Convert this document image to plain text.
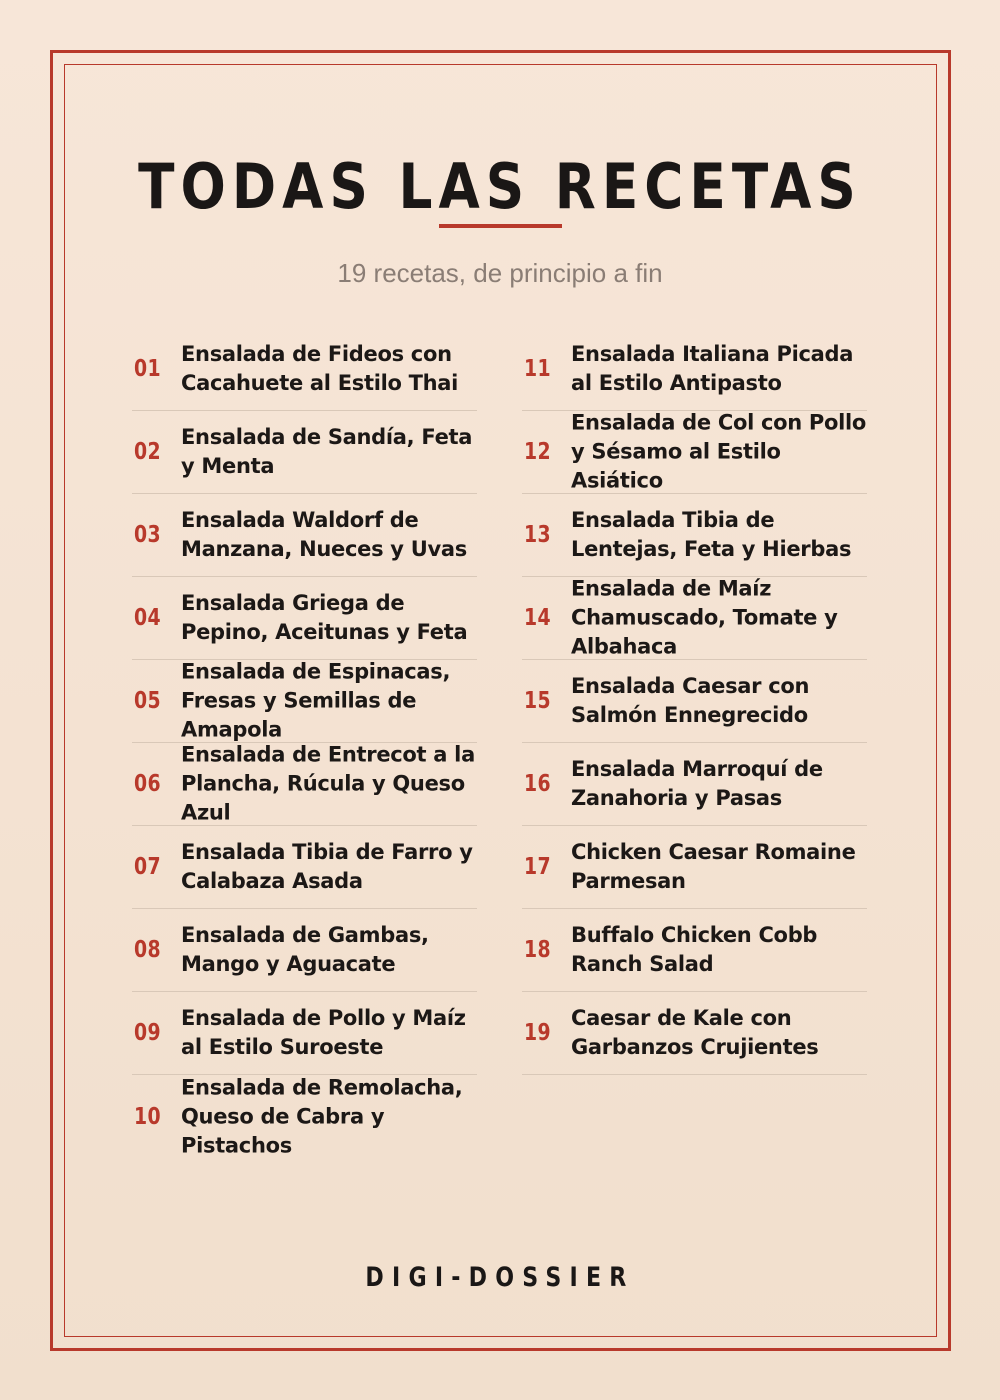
TODAS LAS RECETAS
19 recetas, de principio a fin
01
Ensalada de Fideos con Cacahuete al Estilo Thai
02
Ensalada de Sandía, Feta y Menta
03
Ensalada Waldorf de Manzana, Nueces y Uvas
04
Ensalada Griega de Pepino, Aceitunas y Feta
05
Ensalada de Espinacas, Fresas y Semillas de Amapola
06
Ensalada de Entrecot a la Plancha, Rúcula y Queso Azul
07
Ensalada Tibia de Farro y Calabaza Asada
08
Ensalada de Gambas, Mango y Aguacate
09
Ensalada de Pollo y Maíz al Estilo Suroeste
10
Ensalada de Remolacha, Queso de Cabra y Pistachos
11
Ensalada Italiana Picada al Estilo Antipasto
12
Ensalada de Col con Pollo y Sésamo al Estilo Asiático
13
Ensalada Tibia de Lentejas, Feta y Hierbas
14
Ensalada de Maíz Chamuscado, Tomate y Albahaca
15
Ensalada Caesar con Salmón Ennegrecido
16
Ensalada Marroquí de Zanahoria y Pasas
17
Chicken Caesar Romaine Parmesan
18
Buffalo Chicken Cobb Ranch Salad
19
Caesar de Kale con Garbanzos Crujientes
DIGI-DOSSIER
